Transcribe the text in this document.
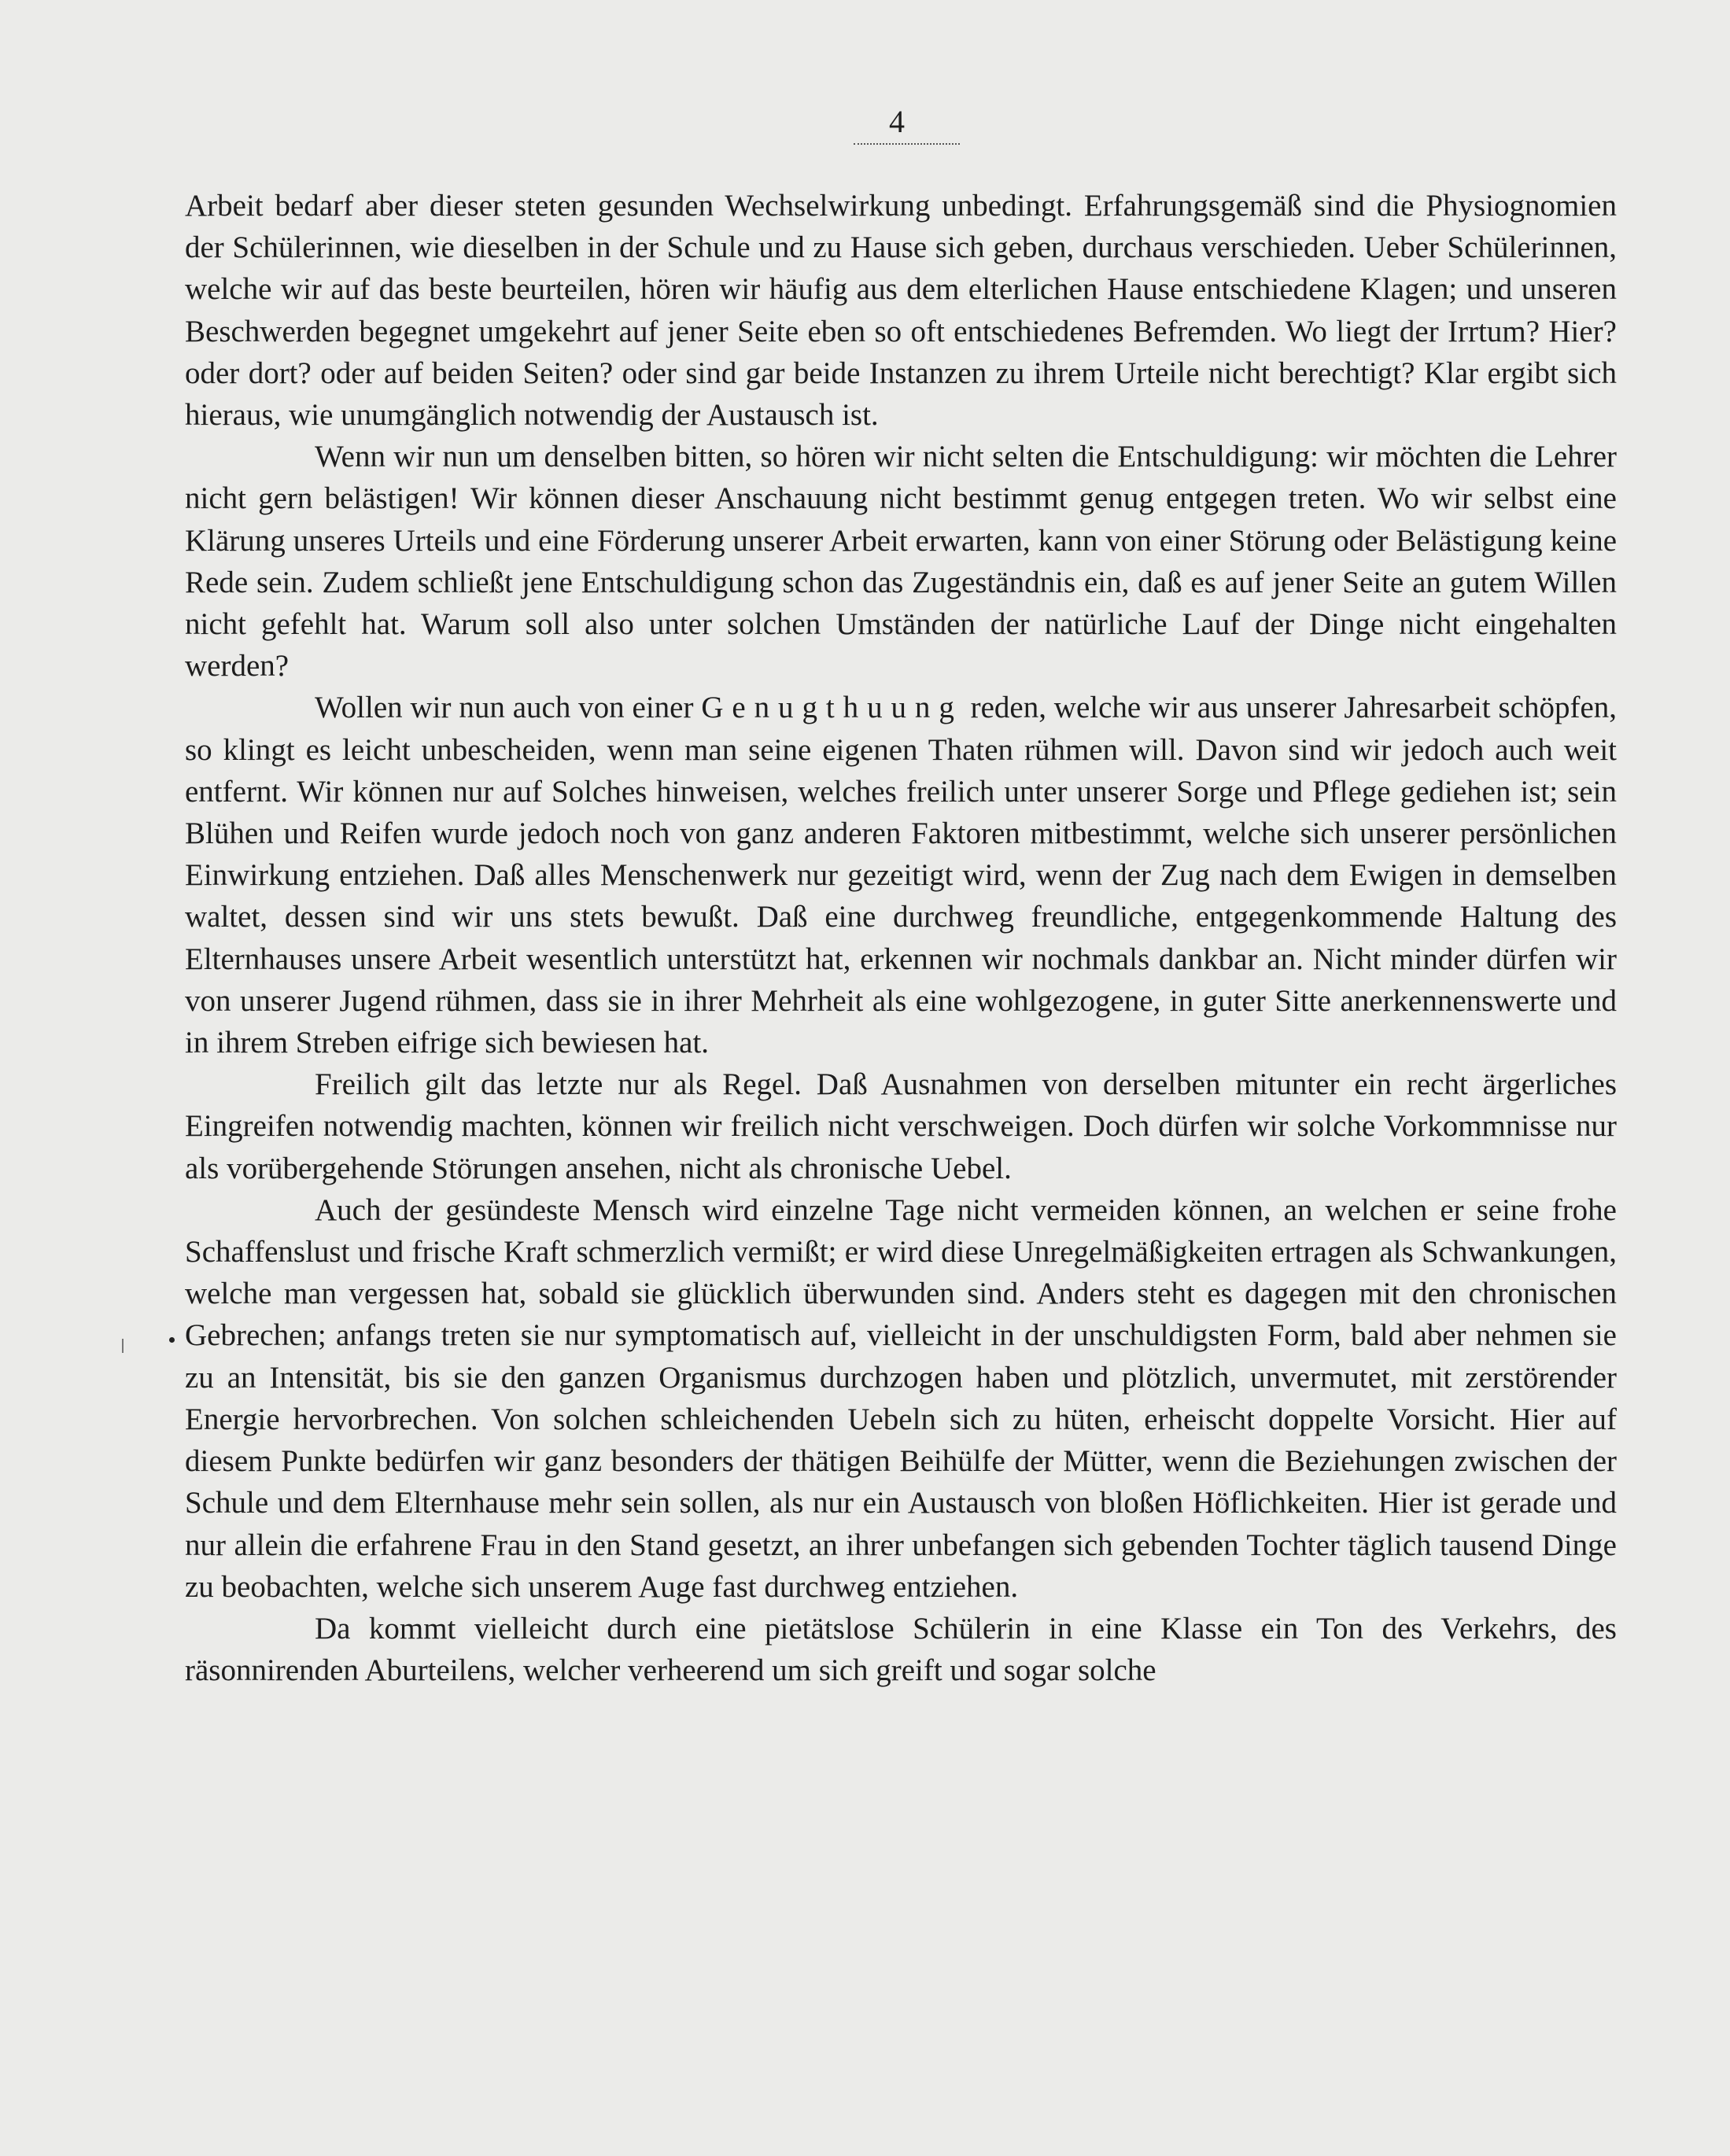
4

Arbeit bedarf aber dieser steten gesunden Wechselwirkung unbedingt. Erfahrungsgemäß sind die Physiognomien der Schülerinnen, wie dieselben in der Schule und zu Hause sich geben, durchaus verschieden. Ueber Schülerinnen, welche wir auf das beste beurteilen, hören wir häufig aus dem elterlichen Hause entschiedene Klagen; und unseren Beschwerden begegnet umgekehrt auf jener Seite eben so oft entschiedenes Befremden. Wo liegt der Irrtum? Hier? oder dort? oder auf beiden Seiten? oder sind gar beide Instanzen zu ihrem Urteile nicht berechtigt? Klar ergibt sich hieraus, wie unumgänglich notwendig der Austausch ist.

Wenn wir nun um denselben bitten, so hören wir nicht selten die Entschuldigung: wir möchten die Lehrer nicht gern belästigen! Wir können dieser Anschauung nicht bestimmt genug entgegen treten. Wo wir selbst eine Klärung unseres Urteils und eine Förderung unserer Arbeit erwarten, kann von einer Störung oder Belästigung keine Rede sein. Zudem schließt jene Entschuldigung schon das Zugeständnis ein, daß es auf jener Seite an gutem Willen nicht gefehlt hat. Warum soll also unter solchen Umständen der natürliche Lauf der Dinge nicht eingehalten werden?

Wollen wir nun auch von einer Genugthuung reden, welche wir aus unserer Jahresarbeit schöpfen, so klingt es leicht unbescheiden, wenn man seine eigenen Thaten rühmen will. Davon sind wir jedoch auch weit entfernt. Wir können nur auf Solches hinweisen, welches freilich unter unserer Sorge und Pflege gediehen ist; sein Blühen und Reifen wurde jedoch noch von ganz anderen Faktoren mitbestimmt, welche sich unserer persönlichen Einwirkung entziehen. Daß alles Menschenwerk nur gezeitigt wird, wenn der Zug nach dem Ewigen in demselben waltet, dessen sind wir uns stets bewußt. Daß eine durchweg freundliche, entgegenkommende Haltung des Elternhauses unsere Arbeit wesentlich unterstützt hat, erkennen wir nochmals dankbar an. Nicht minder dürfen wir von unserer Jugend rühmen, dass sie in ihrer Mehrheit als eine wohlgezogene, in guter Sitte anerkennenswerte und in ihrem Streben eifrige sich bewiesen hat.

Freilich gilt das letzte nur als Regel. Daß Ausnahmen von derselben mitunter ein recht ärgerliches Eingreifen notwendig machten, können wir freilich nicht verschweigen. Doch dürfen wir solche Vorkommnisse nur als vorübergehende Störungen ansehen, nicht als chronische Uebel.

Auch der gesündeste Mensch wird einzelne Tage nicht vermeiden können, an welchen er seine frohe Schaffenslust und frische Kraft schmerzlich vermißt; er wird diese Unregelmäßigkeiten ertragen als Schwankungen, welche man vergessen hat, sobald sie glücklich überwunden sind. Anders steht es dagegen mit den chronischen Gebrechen; anfangs treten sie nur symptomatisch auf, vielleicht in der unschuldigsten Form, bald aber nehmen sie zu an Intensität, bis sie den ganzen Organismus durchzogen haben und plötzlich, unvermutet, mit zerstörender Energie hervorbrechen. Von solchen schleichenden Uebeln sich zu hüten, erheischt doppelte Vorsicht. Hier auf diesem Punkte bedürfen wir ganz besonders der thätigen Beihülfe der Mütter, wenn die Beziehungen zwischen der Schule und dem Elternhause mehr sein sollen, als nur ein Austausch von bloßen Höflichkeiten. Hier ist gerade und nur allein die erfahrene Frau in den Stand gesetzt, an ihrer unbefangen sich gebenden Tochter täglich tausend Dinge zu beobachten, welche sich unserem Auge fast durchweg entziehen.

Da kommt vielleicht durch eine pietätslose Schülerin in eine Klasse ein Ton des Verkehrs, des räsonnirenden Aburteilens, welcher verheerend um sich greift und sogar solche
